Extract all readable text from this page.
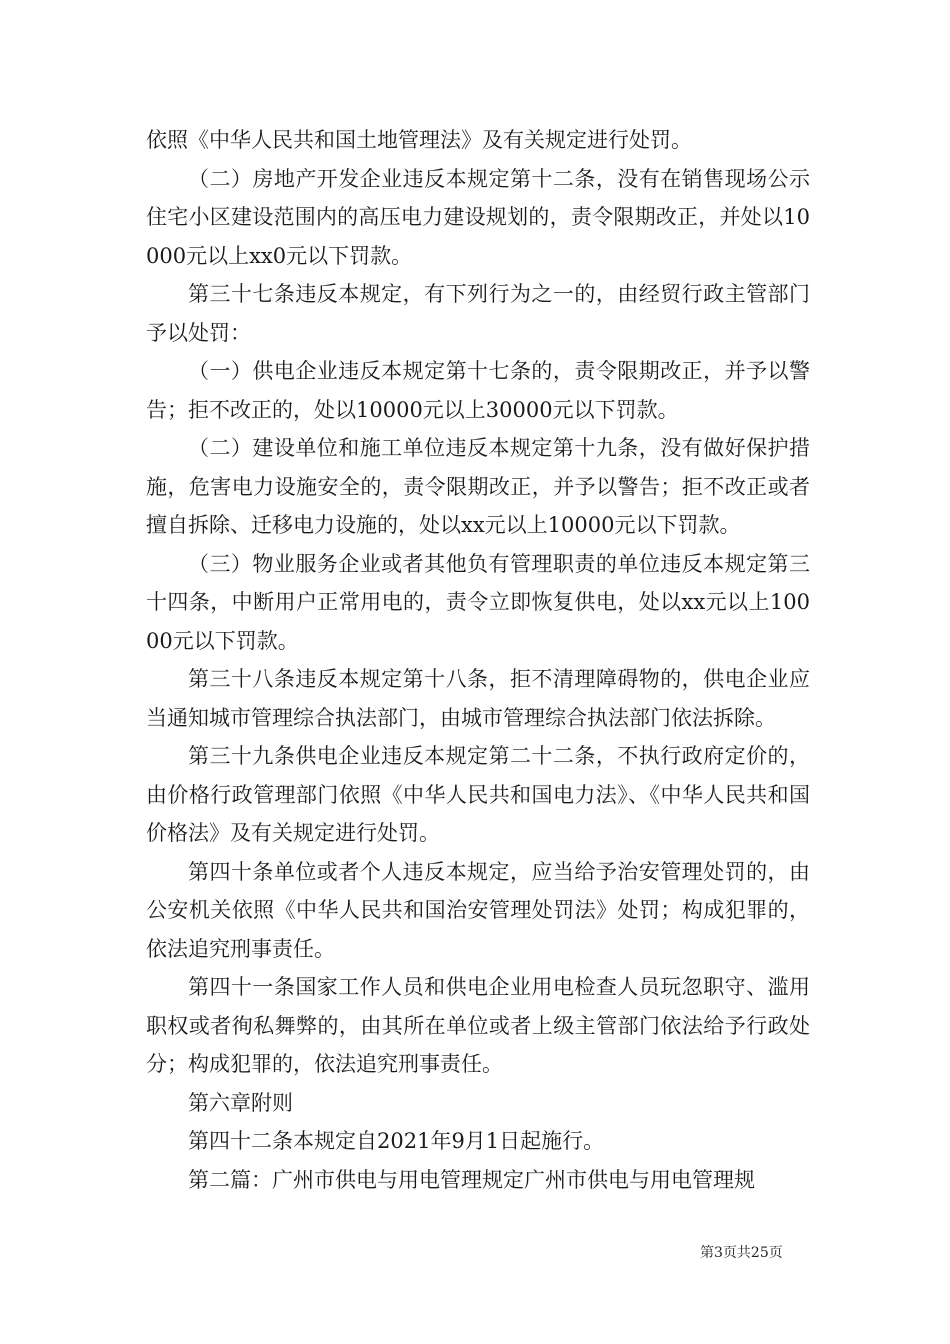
依照《中华人民共和国土地管理法》及有关规定进行处罚。

（二）房地产开发企业违反本规定第十二条，没有在销售现场公示住宅小区建设范围内的高压电力建设规划的，责令限期改正，并处以10000元以上xx0元以下罚款。

第三十七条违反本规定，有下列行为之一的，由经贸行政主管部门予以处罚：

（一）供电企业违反本规定第十七条的，责令限期改正，并予以警告；拒不改正的，处以10000元以上30000元以下罚款。

（二）建设单位和施工单位违反本规定第十九条，没有做好保护措施，危害电力设施安全的，责令限期改正，并予以警告；拒不改正或者擅自拆除、迁移电力设施的，处以xx元以上10000元以下罚款。

（三）物业服务企业或者其他负有管理职责的单位违反本规定第三十四条，中断用户正常用电的，责令立即恢复供电，处以xx元以上10000元以下罚款。

第三十八条违反本规定第十八条，拒不清理障碍物的，供电企业应当通知城市管理综合执法部门，由城市管理综合执法部门依法拆除。

第三十九条供电企业违反本规定第二十二条，不执行政府定价的，由价格行政管理部门依照《中华人民共和国电力法》、《中华人民共和国价格法》及有关规定进行处罚。

第四十条单位或者个人违反本规定，应当给予治安管理处罚的，由公安机关依照《中华人民共和国治安管理处罚法》处罚；构成犯罪的，依法追究刑事责任。

第四十一条国家工作人员和供电企业用电检查人员玩忽职守、滥用职权或者徇私舞弊的，由其所在单位或者上级主管部门依法给予行政处分；构成犯罪的，依法追究刑事责任。

第六章附则

第四十二条本规定自2021年9月1日起施行。

第二篇：广州市供电与用电管理规定广州市供电与用电管理规

第3页共25页
